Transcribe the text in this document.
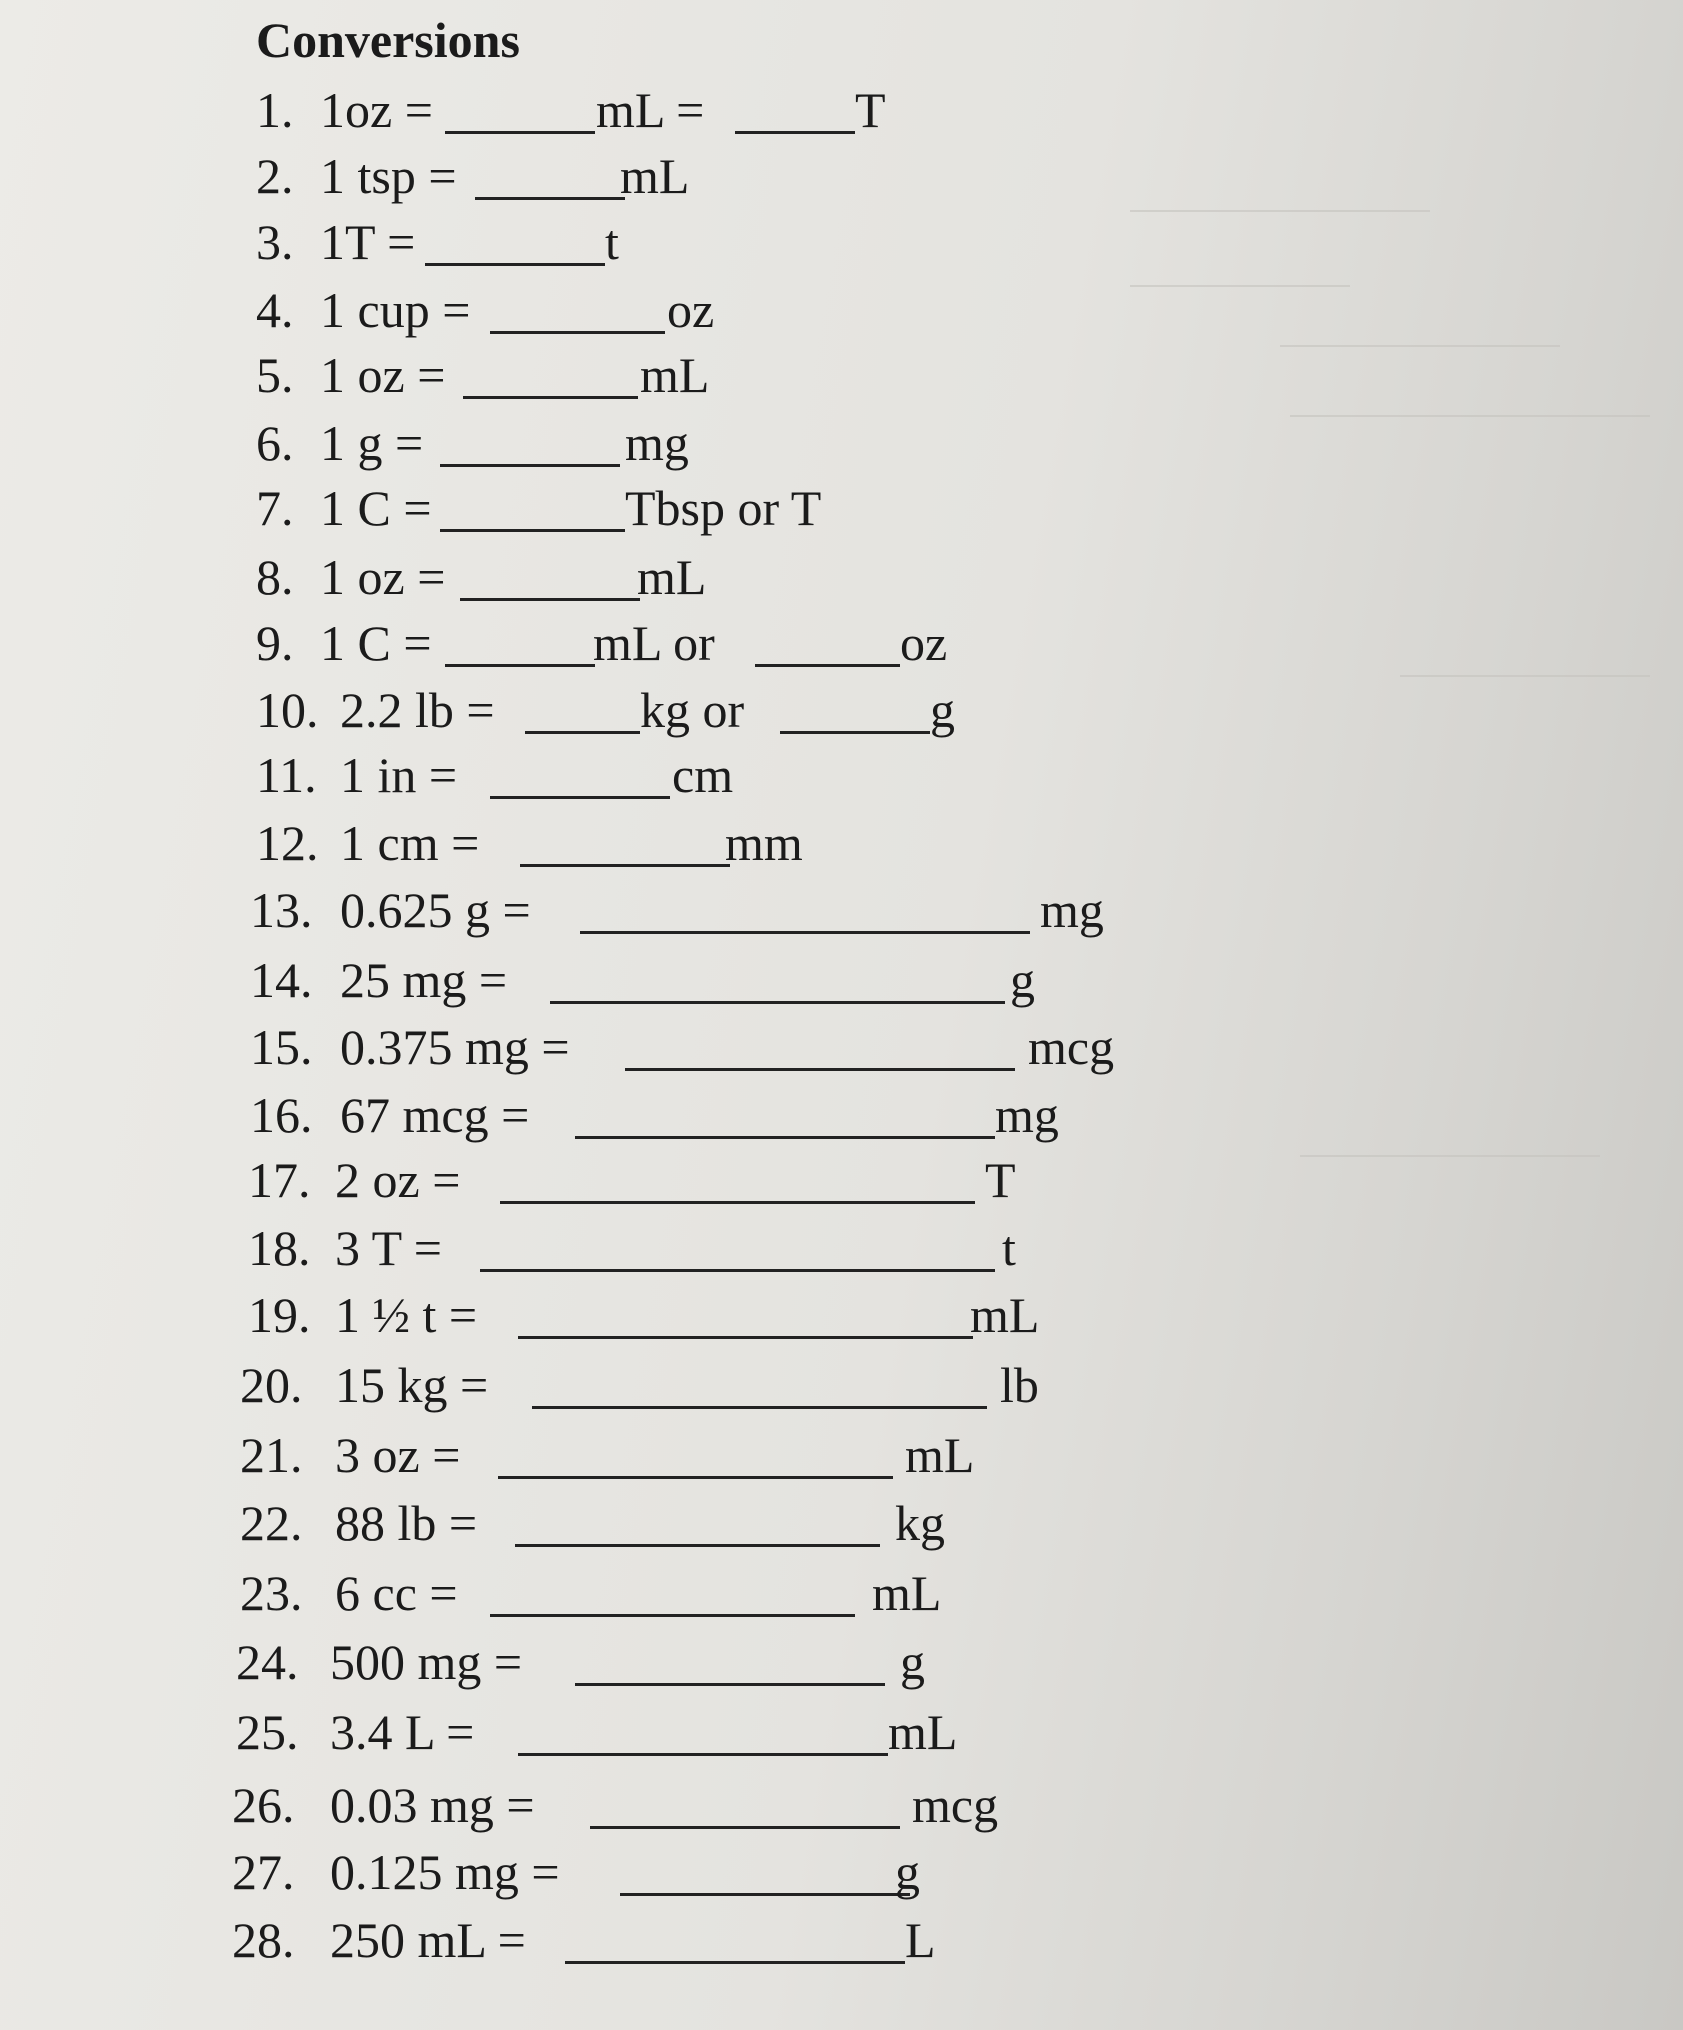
Conversions
1. 1oz =	mL =	T
2. 1 tsp =	mL
3. 1T =	t
4. 1 cup =	oz
5. 1 oz =	mL
6. 1 g =	mg
7. 1 C =	Tbsp or T
8. 1 oz =	mL
9. 1 C =	mL or	oz
10. 2.2 lb =	kg or	g
11. 1 in =	cm
12. 1 cm =	mm
13. 0.625 g =	mg
14. 25 mg =	g
15. 0.375 mg =	mcg
16. 67 mcg =	mg
17. 2 oz =	T
18. 3 T =	t
19. 1 ½ t =	mL
20. 15 kg =	lb
21. 3 oz =	mL
22. 88 lb =	kg
23. 6 cc =	mL
24. 500 mg =	g
25. 3.4 L =	mL
26. 0.03 mg =	mcg
27. 0.125 mg =	g
28. 250 mL =	L
